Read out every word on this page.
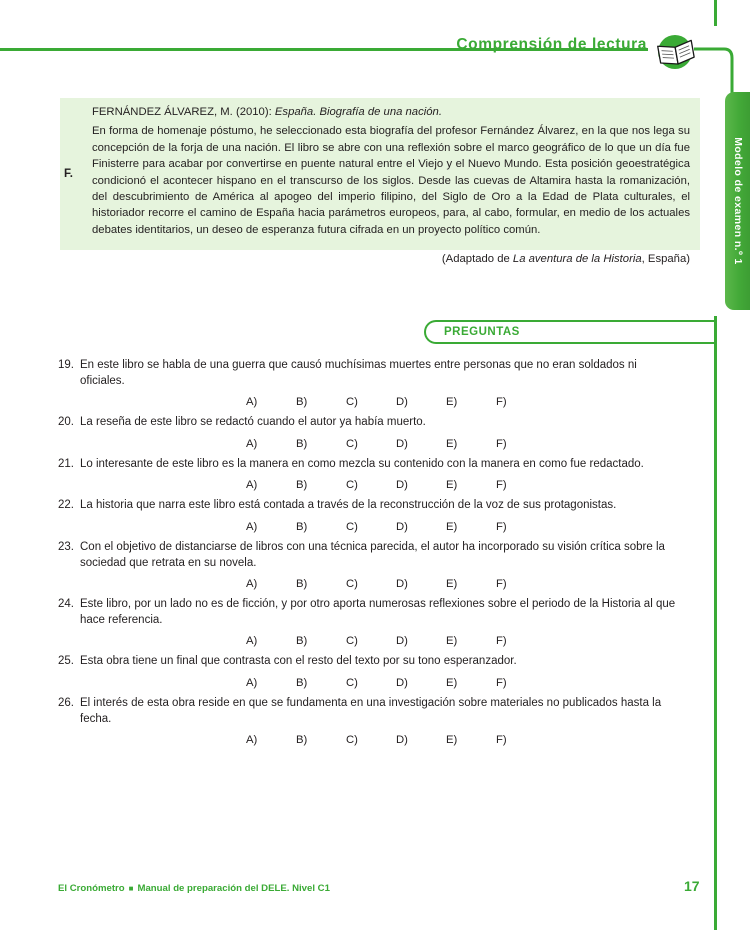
Comprensión de lectura
Modelo de examen n.º 1
F.
FERNÁNDEZ ÁLVAREZ, M. (2010): España. Biografía de una nación.

En forma de homenaje póstumo, he seleccionado esta biografía del profesor Fernández Álvarez, en la que nos lega su concepción de la forja de una nación. El libro se abre con una reflexión sobre el marco geográfico de lo que un día fue Finisterre para acabar por convertirse en puente natural entre el Viejo y el Nuevo Mundo. Esta posición geoestratégica condicionó el acontecer hispano en el transcurso de los siglos. Desde las cuevas de Altamira hasta la romanización, del descubrimiento de América al apogeo del imperio filipino, del Siglo de Oro a la Edad de Plata culturales, el historiador recorre el camino de España hacia parámetros europeos, para, al cabo, formular, en medio de los actuales debates identitarios, un deseo de esperanza futura cifrada en un proyecto político común.

(Adaptado de La aventura de la Historia, España)
PREGUNTAS
19. En este libro se habla de una guerra que causó muchísimas muertes entre personas que no eran soldados ni oficiales.
A)	B)	C)	D)	E)	F)
20. La reseña de este libro se redactó cuando el autor ya había muerto.
A)	B)	C)	D)	E)	F)
21. Lo interesante de este libro es la manera en como mezcla su contenido con la manera en como fue redactado.
A)	B)	C)	D)	E)	F)
22. La historia que narra este libro está contada a través de la reconstrucción de la voz de sus protagonistas.
A)	B)	C)	D)	E)	F)
23. Con el objetivo de distanciarse de libros con una técnica parecida, el autor ha incorporado su visión crítica sobre la sociedad que retrata en su novela.
A)	B)	C)	D)	E)	F)
24. Este libro, por un lado no es de ficción, y por otro aporta numerosas reflexiones sobre el periodo de la Historia al que hace referencia.
A)	B)	C)	D)	E)	F)
25. Esta obra tiene un final que contrasta con el resto del texto por su tono esperanzador.
A)	B)	C)	D)	E)	F)
26. El interés de esta obra reside en que se fundamenta en una investigación sobre materiales no publicados hasta la fecha.
A)	B)	C)	D)	E)	F)
El Cronómetro ■ Manual de preparación del DELE. Nivel C1	17
